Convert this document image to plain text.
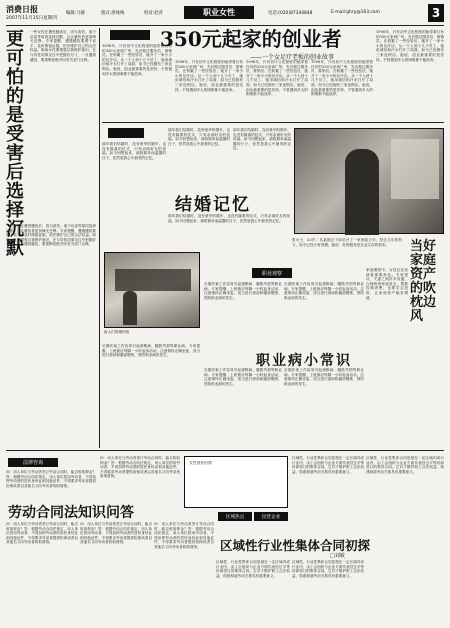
消费日报
2007年11月15日星期四
编辑:马静	版式:唐咏梅	校对:赵青	职业女性	电话:(020)87344848	E-mail:ghry@163.com	3
更可怕的是受害后选择沉默
一些女性在遭受骚扰后，因为害怕、羞于启齿等原因选择沉默，这让骚扰者更加肆无忌惮。专家提醒，遭遇骚扰要勇于说不，及时保留证据，依法维护自己的合法权益。职场女性要增强自我保护意识，在与异性同事交往中把握好分寸，一旦遇到骚扰，要果断拒绝并向有关部门反映。
一些女性在遭受骚扰后，因为害怕、羞于启齿等原因选择沉默，这让骚扰者更加肆无忌惮。专家提醒，遭遇骚扰要勇于说不，及时保留证据，依法维护自己的合法权益。职场女性要增强自我保护意识，在与异性同事交往中把握好分寸，一旦遇到骚扰，要果断拒绝并向有关部门反映。
350元起家的创业者
——一个女足疗老板的创业故事
1998年，只有初中文化程度的她带着仅有的350元来到广州，先后做过服务员、推销员。在积累了一些经验后，她开了一家小小的足疗店。从一个人到十几个员工，她用诚信和汗水打开了局面，如今已经拥有三家连锁店。她说，创业最重要的是坚持，不管遇到多大的困难都不能放弃。
1998年，只有初中文化程度的她带着仅有的350元来到广州，先后做过服务员、推销员。在积累了一些经验后，她开了一家小小的足疗店。从一个人到十几个员工，她用诚信和汗水打开了局面，如今已经拥有三家连锁店。她说，创业最重要的是坚持，不管遇到多大的困难都不能放弃。
1998年，只有初中文化程度的她带着仅有的350元来到广州，先后做过服务员、推销员。在积累了一些经验后，她开了一家小小的足疗店。从一个人到十几个员工，她用诚信和汗水打开了局面，如今已经拥有三家连锁店。她说，创业最重要的是坚持，不管遇到多大的困难都不能放弃。
1998年，只有初中文化程度的她带着仅有的350元来到广州，先后做过服务员、推销员。在积累了一些经验后，她开了一家小小的足疗店。从一个人到十几个员工，她用诚信和汗水打开了局面，如今已经拥有三家连锁店。她说，创业最重要的是坚持，不管遇到多大的困难都不能放弃。
1998年，只有初中文化程度的她带着仅有的350元来到广州，先后做过服务员、推销员。在积累了一些经验后，她开了一家小小的足疗店。从一个人到十几个员工，她用诚信和汗水打开了局面，如今已经拥有三家连锁店。她说，创业最重要的是坚持，不管遇到多大的困难都不能放弃。
那年我们结婚时，没有豪华的婚车，也没有隆重的仪式，只有亲朋好友的祝福。如今回想起来，那段简单而温馨的日子，依然是我心中最美的记忆。
那年我们结婚时，没有豪华的婚车，也没有隆重的仪式，只有亲朋好友的祝福。如今回想起来，那段简单而温馨的日子，依然是我心中最美的记忆。
结婚记忆
那年我们结婚时，没有豪华的婚车，也没有隆重的仪式，只有亲朋好友的祝福。如今回想起来，那段简单而温馨的日子，依然是我心中最美的记忆。
那年我们结婚时，没有豪华的婚车，也没有隆重的仪式，只有亲朋好友的祝福。如今回想起来，那段简单而温馨的日子，依然是我心中最美的记忆。
新人们的婚纱照
张女士，33岁，从某国企下岗后开了一家家政公司，经过几年的努力，如今已经小有规模。她说：好的服务是企业生存的根本。	当好家庭资产的吹枕边风
家庭理财中，女性往往扮演着重要角色。专家建议，夫妻之间应多沟通，合理规划家庭收支，既要控制消费，也要学会投资，让家庭资产稳步增值。
职业观察
长期伏案工作容易引起颈椎病、腰肌劳损等职业病。专家提醒，上班族应每隔一小时起身活动，注意保持正确坐姿，适当进行颈部和腰部锻炼，预防职业病的发生。
长期伏案工作容易引起颈椎病、腰肌劳损等职业病。专家提醒，上班族应每隔一小时起身活动，注意保持正确坐姿，适当进行颈部和腰部锻炼，预防职业病的发生。
职业病小常识
长期伏案工作容易引起颈椎病、腰肌劳损等职业病。专家提醒，上班族应每隔一小时起身活动，注意保持正确坐姿，适当进行颈部和腰部锻炼，预防职业病的发生。
长期伏案工作容易引起颈椎病、腰肌劳损等职业病。专家提醒，上班族应每隔一小时起身活动，注意保持正确坐姿，适当进行颈部和腰部锻炼，预防职业病的发生。
长期伏案工作容易引起颈椎病、腰肌劳损等职业病。专家提醒，上班族应每隔一小时起身活动，注意保持正确坐姿，适当进行颈部和腰部锻炼，预防职业病的发生。
法律咨询
问：用人单位与劳动者签订劳动合同时，能否收取押金？答：根据劳动合同法规定，用人单位招用劳动者，不得扣押劳动者的居民身份证和其他证件，不得要求劳动者提供担保或者以其他名义向劳动者收取财物。
劳动合同法知识问答
问：用人单位与劳动者签订劳动合同时，能否收取押金？答：根据劳动合同法规定，用人单位招用劳动者，不得扣押劳动者的居民身份证和其他证件，不得要求劳动者提供担保或者以其他名义向劳动者收取财物。
问：用人单位与劳动者签订劳动合同时，能否收取押金？答：根据劳动合同法规定，用人单位招用劳动者，不得扣押劳动者的居民身份证和其他证件，不得要求劳动者提供担保或者以其他名义向劳动者收取财物。
问：用人单位与劳动者签订劳动合同时，能否收取押金？答：根据劳动合同法规定，用人单位招用劳动者，不得扣押劳动者的居民身份证和其他证件，不得要求劳动者提供担保或者以其他名义向劳动者收取财物。
问：用人单位与劳动者签订劳动合同时，能否收取押金？答：根据劳动合同法规定，用人单位招用劳动者，不得扣押劳动者的居民身份证和其他证件，不得要求劳动者提供担保或者以其他名义向劳动者收取财物。
女性创业招商
区域热点	民营企业
区域性行业性集体合同初探
□刘敏
区域性、行业性集体合同是指在一定区域内或行业内，由工会组织与企业方面代表经过平等协商签订的集体合同。它对于维护职工合法权益、构建和谐劳动关系具有重要意义。
区域性、行业性集体合同是指在一定区域内或行业内，由工会组织与企业方面代表经过平等协商签订的集体合同。它对于维护职工合法权益、构建和谐劳动关系具有重要意义。
区域性、行业性集体合同是指在一定区域内或行业内，由工会组织与企业方面代表经过平等协商签订的集体合同。它对于维护职工合法权益、构建和谐劳动关系具有重要意义。
区域性、行业性集体合同是指在一定区域内或行业内，由工会组织与企业方面代表经过平等协商签订的集体合同。它对于维护职工合法权益、构建和谐劳动关系具有重要意义。
